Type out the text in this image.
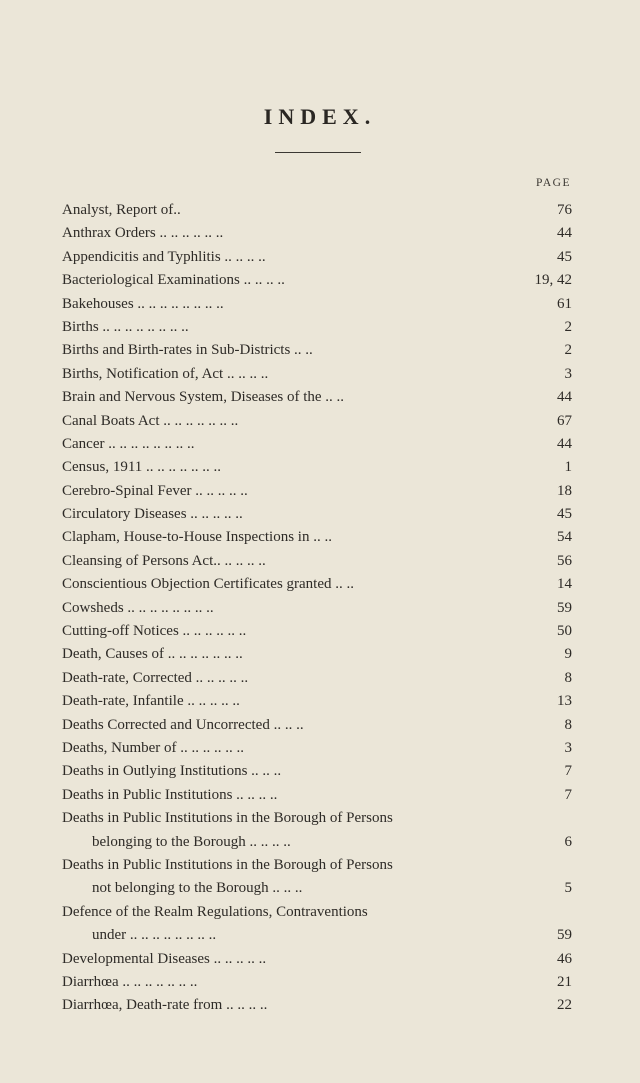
INDEX.
PAGE
Analyst, Report of..	76
Anthrax Orders .. .. .. .. .. ..	44
Appendicitis and Typhlitis .. .. .. ..	45
Bacteriological Examinations .. .. .. ..	19, 42
Bakehouses .. .. .. .. .. .. .. ..	61
Births .. .. .. .. .. .. .. ..	2
Births and Birth-rates in Sub-Districts .. ..	2
Births, Notification of, Act .. .. .. ..	3
Brain and Nervous System, Diseases of the .. ..	44
Canal Boats Act .. .. .. .. .. .. ..	67
Cancer .. .. .. .. .. .. .. ..	44
Census, 1911 .. .. .. .. .. .. ..	1
Cerebro-Spinal Fever .. .. .. .. ..	18
Circulatory Diseases .. .. .. .. ..	45
Clapham, House-to-House Inspections in .. ..	54
Cleansing of Persons Act.. .. .. .. ..	56
Conscientious Objection Certificates granted .. ..	14
Cowsheds .. .. .. .. .. .. .. ..	59
Cutting-off Notices .. .. .. .. .. ..	50
Death, Causes of .. .. .. .. .. .. ..	9
Death-rate, Corrected .. .. .. .. ..	8
Death-rate, Infantile .. .. .. .. ..	13
Deaths Corrected and Uncorrected .. .. ..	8
Deaths, Number of .. .. .. .. .. ..	3
Deaths in Outlying Institutions .. .. ..	7
Deaths in Public Institutions .. .. .. ..	7
Deaths in Public Institutions in the Borough of Persons
belonging to the Borough .. .. .. ..	6
Deaths in Public Institutions in the Borough of Persons
not belonging to the Borough .. .. ..	5
Defence of the Realm Regulations, Contraventions
under .. .. .. .. .. .. .. ..	59
Developmental Diseases .. .. .. .. ..	46
Diarrhœa .. .. .. .. .. .. ..	21
Diarrhœa, Death-rate from .. .. .. ..	22
